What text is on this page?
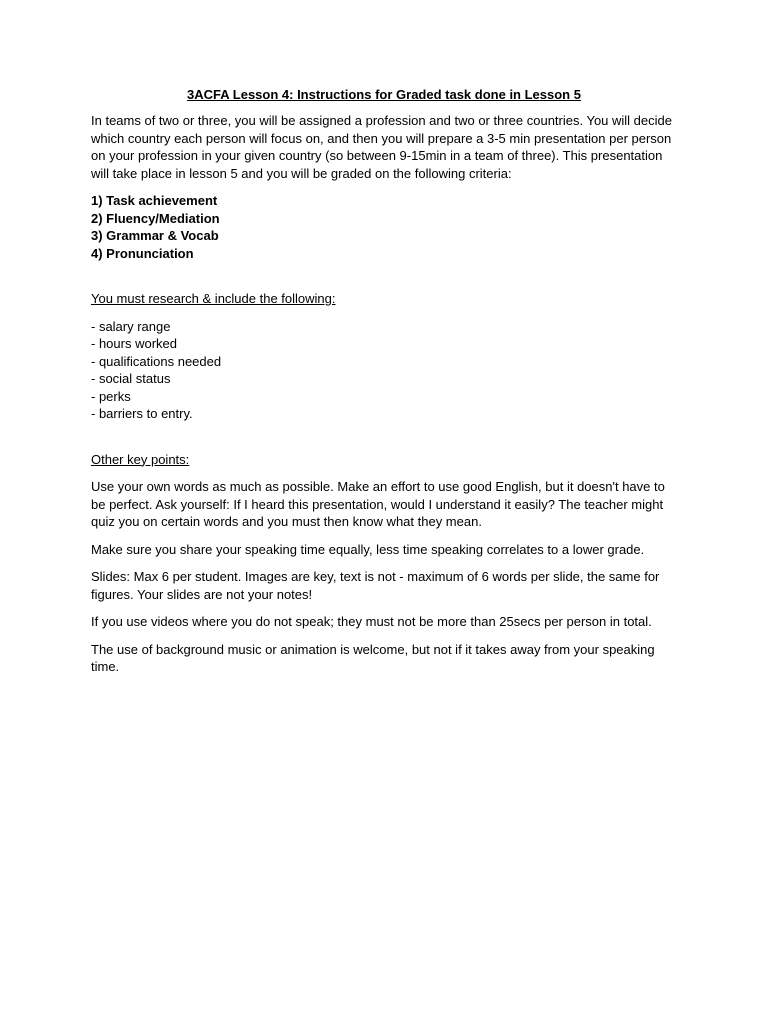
3ACFA Lesson 4: Instructions for Graded task done in Lesson 5

In teams of two or three, you will be assigned a profession and two or three countries. You will decide which country each person will focus on, and then you will prepare a 3-5 min presentation per person on your profession in your given country (so between 9-15min in a team of three). This presentation will take place in lesson 5 and you will be graded on the following criteria:

1) Task achievement
2) Fluency/Mediation
3) Grammar & Vocab
4) Pronunciation

You must research & include the following:

- salary range
- hours worked
- qualifications needed
- social status
- perks
- barriers to entry.

Other key points:

Use your own words as much as possible. Make an effort to use good English, but it doesn't have to be perfect. Ask yourself: If I heard this presentation, would I understand it easily? The teacher might quiz you on certain words and you must then know what they mean.

Make sure you share your speaking time equally, less time speaking correlates to a lower grade.

Slides: Max 6 per student. Images are key, text is not - maximum of 6 words per slide, the same for figures. Your slides are not your notes!

If you use videos where you do not speak; they must not be more than 25secs per person in total.

The use of background music or animation is welcome, but not if it takes away from your speaking time.
